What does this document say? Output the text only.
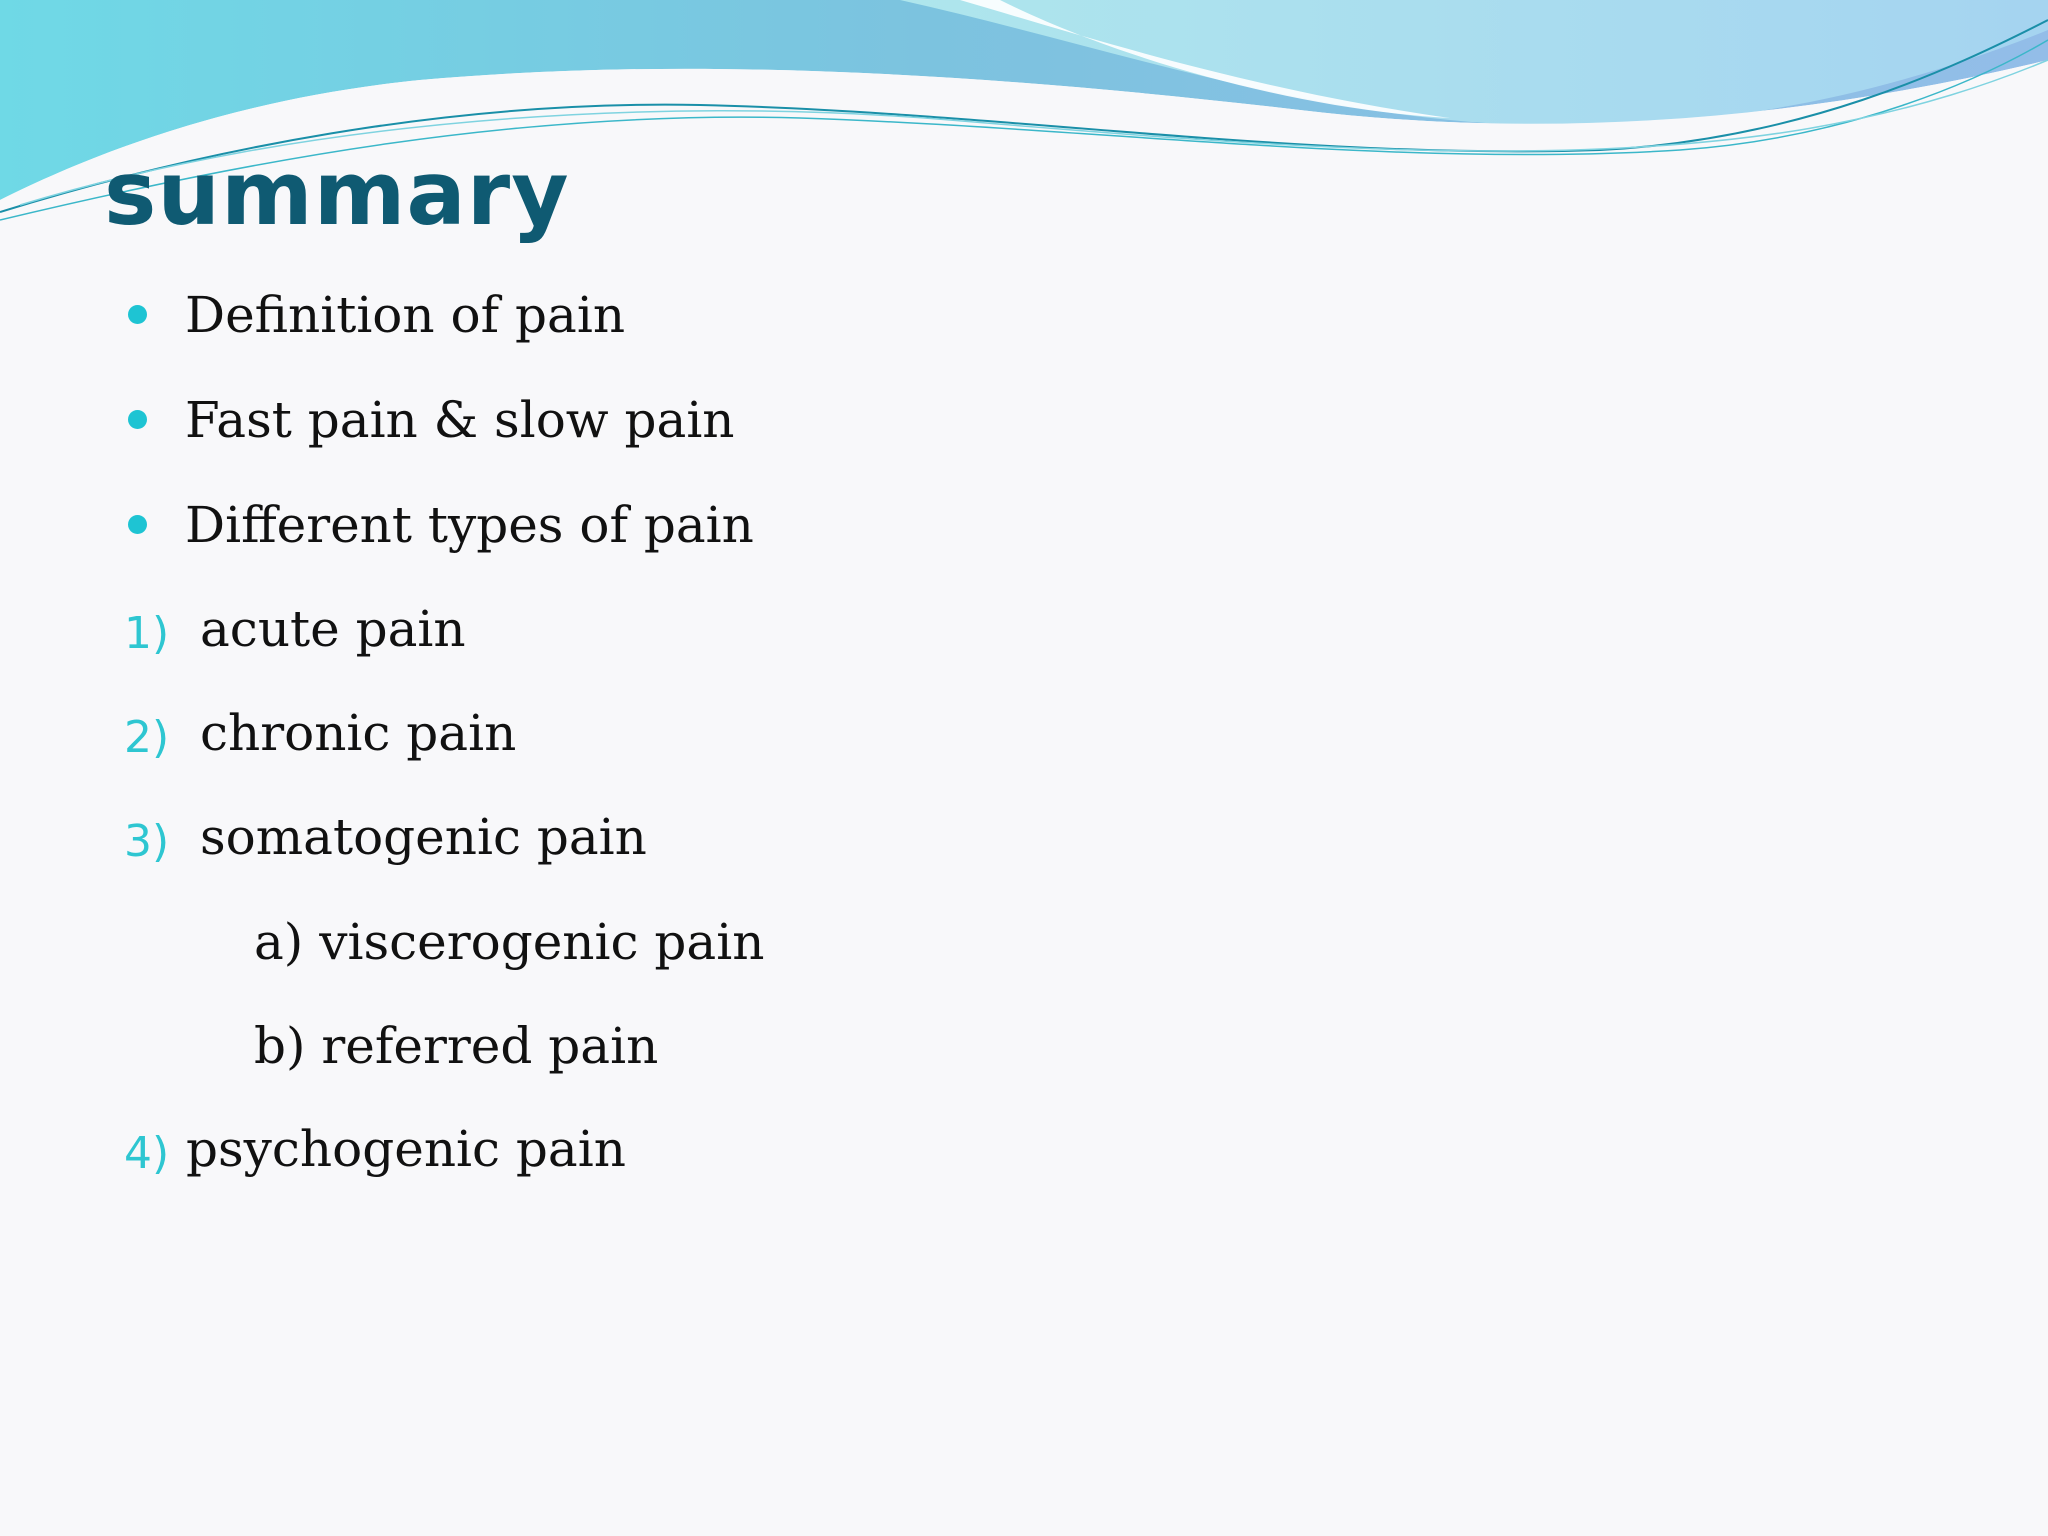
summary
Definition of pain
Fast pain & slow pain
Different types of pain
1) acute pain
2) chronic pain
3) somatogenic pain
a) viscerogenic pain
b) referred pain
4) psychogenic pain
